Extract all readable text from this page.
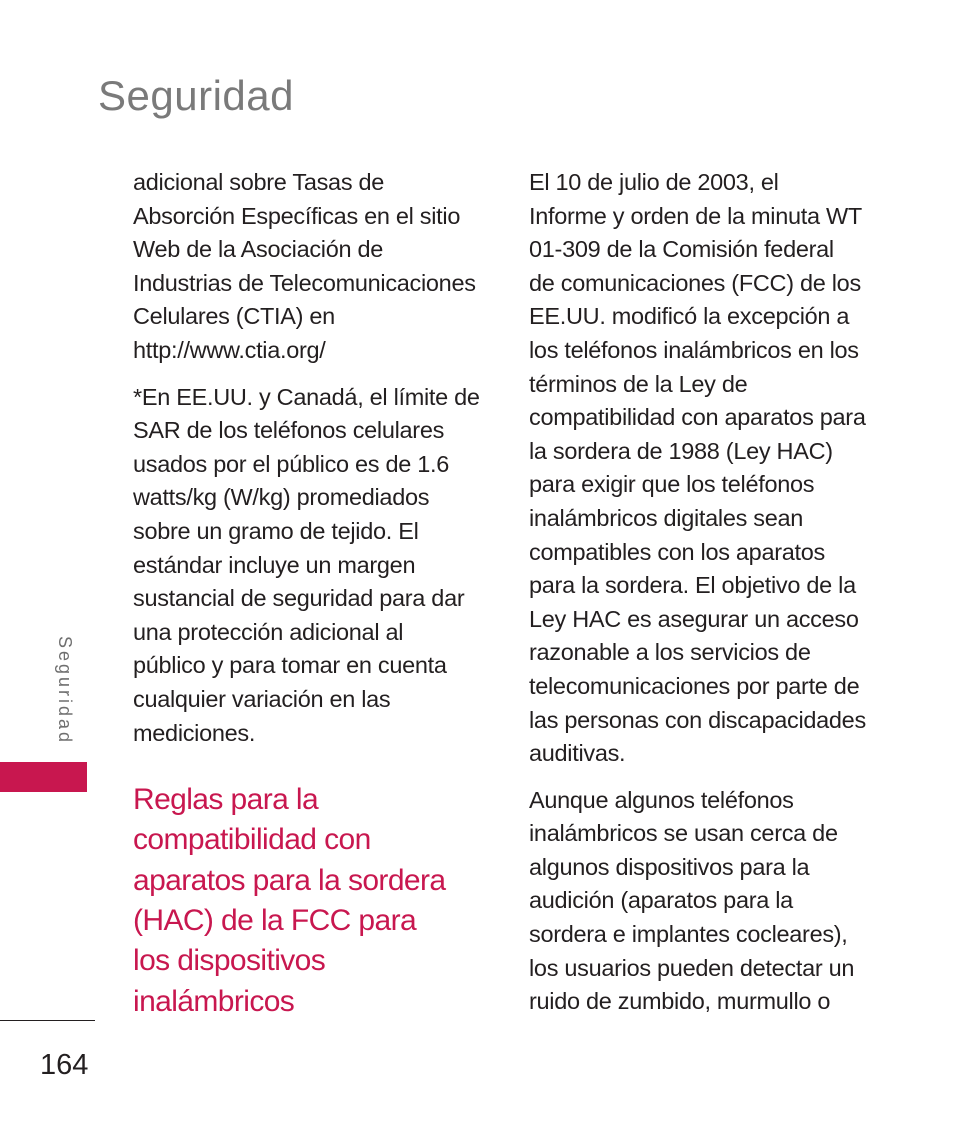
Seguridad
adicional sobre Tasas de
Absorción Específicas en el sitio
Web de la Asociación de
Industrias de Telecomunicaciones
Celulares (CTIA) en
http://www.ctia.org/
*En EE.UU. y Canadá, el límite de
SAR de los teléfonos celulares
usados por el público es de 1.6
watts/kg (W/kg) promediados
sobre un gramo de tejido. El
estándar incluye un margen
sustancial de seguridad para dar
una protección adicional al
público y para tomar en cuenta
cualquier variación en las
mediciones.
Reglas para la
compatibilidad con
aparatos para la sordera
(HAC) de la FCC para
los dispositivos
inalámbricos
El 10 de julio de 2003, el
Informe y orden de la minuta WT
01-309 de la Comisión federal
de comunicaciones (FCC) de los
EE.UU. modificó la excepción a
los teléfonos inalámbricos en los
términos de la Ley de
compatibilidad con aparatos para
la sordera de 1988 (Ley HAC)
para exigir que los teléfonos
inalámbricos digitales sean
compatibles con los aparatos
para la sordera. El objetivo de la
Ley HAC es asegurar un acceso
razonable a los servicios de
telecomunicaciones por parte de
las personas con discapacidades
auditivas.
Aunque algunos teléfonos
inalámbricos se usan cerca de
algunos dispositivos para la
audición (aparatos para la
sordera e implantes cocleares),
los usuarios pueden detectar un
ruido de zumbido, murmullo o
Seguridad
164
